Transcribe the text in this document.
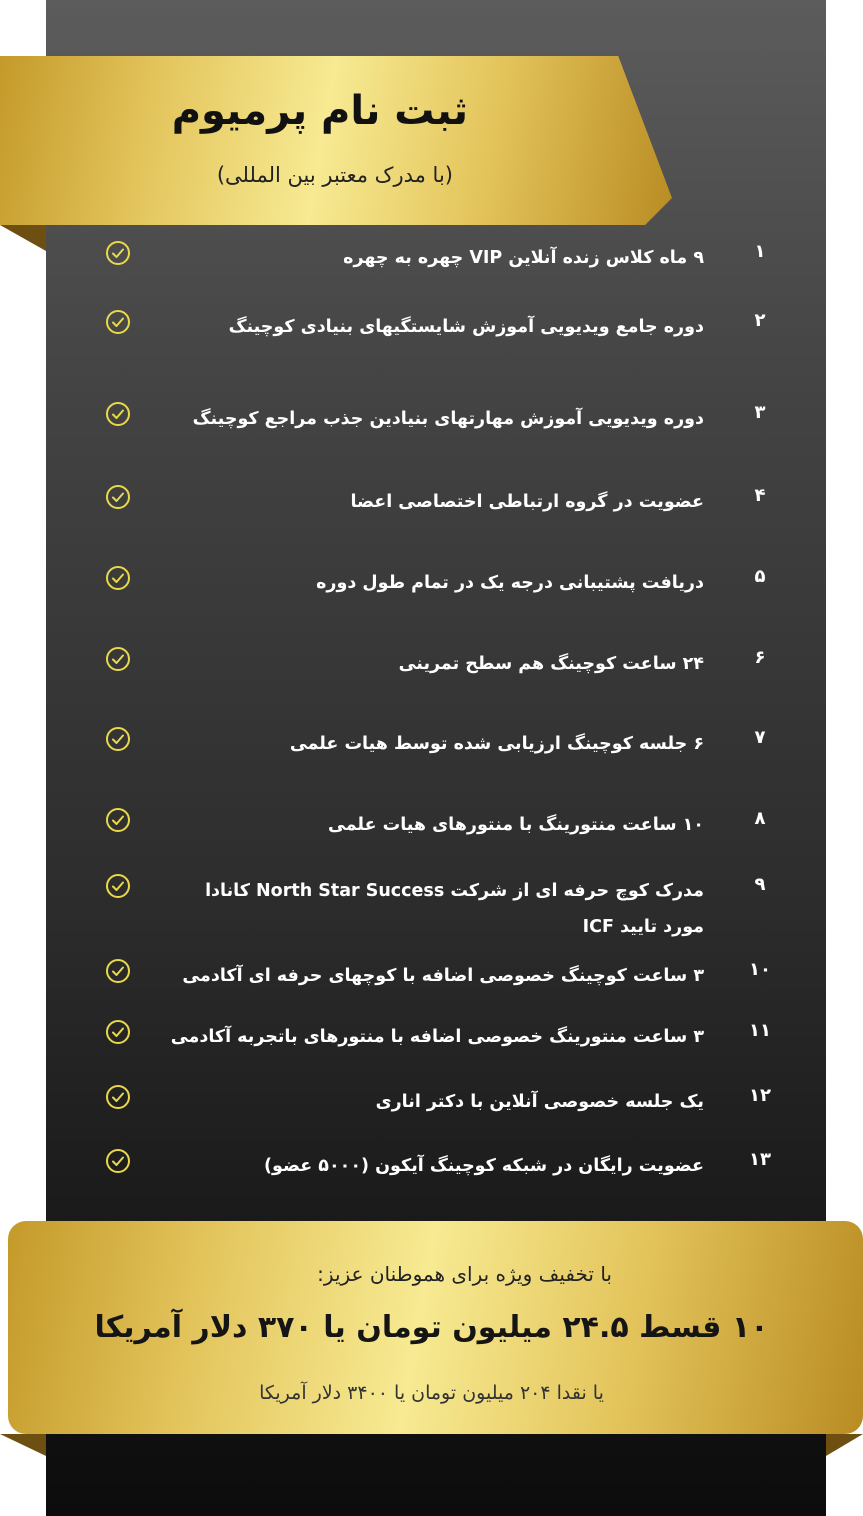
ثبت نام پرمیوم

(با مدرک معتبر بین المللی)

۱
۹ ماه کلاس زنده آنلاین VIP چهره به چهره
۲
دوره جامع ویدیویی آموزش شایستگیهای بنیادی کوچینگ
۳
دوره ویدیویی آموزش مهارتهای بنیادین جذب مراجع کوچینگ
۴
عضویت در گروه ارتباطی اختصاصی اعضا
۵
دریافت پشتیبانی درجه یک در تمام طول دوره
۶
۲۴ ساعت کوچینگ هم سطح تمرینی
۷
۶ جلسه کوچینگ ارزیابی شده توسط هیات علمی
۸
۱۰ ساعت منتورینگ با منتورهای هیات علمی
۹
مدرک کوچ حرفه ای از شرکت North Star Success کانادا
مورد تایید ICF
۱۰
۳ ساعت کوچینگ خصوصی اضافه با کوچهای حرفه ای آکادمی
۱۱
۳ ساعت منتورینگ خصوصی اضافه با منتورهای باتجربه آکادمی
۱۲
یک جلسه خصوصی آنلاین با دکتر اناری
۱۳
عضویت رایگان در شبکه کوچینگ آیکون (۵۰۰۰ عضو)

با تخفیف ویژه برای هموطنان عزیز:

۱۰ قسط ۲۴.۵ میلیون تومان یا ۳۷۰ دلار آمریکا

یا نقدا ۲۰۴ میلیون تومان یا ۳۴۰۰ دلار آمریکا
